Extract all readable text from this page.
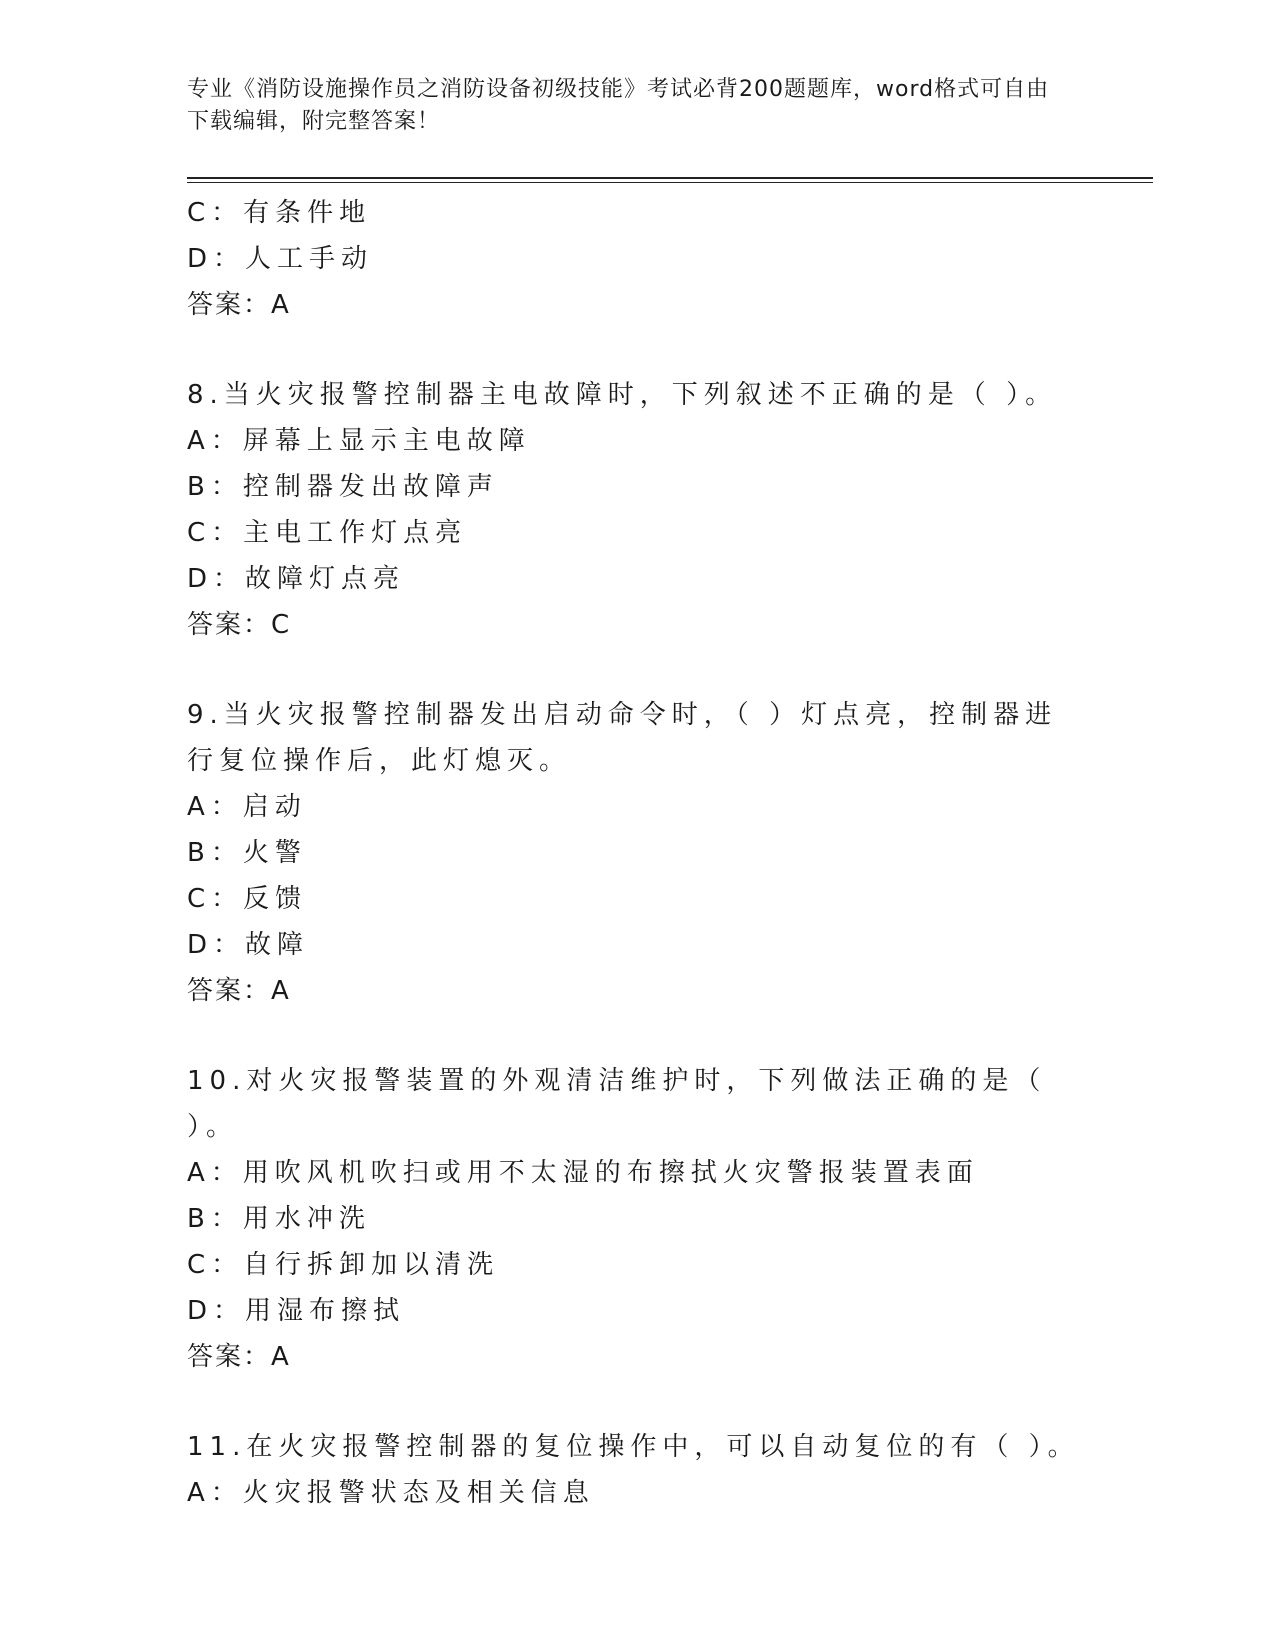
专业《消防设施操作员之消防设备初级技能》考试必背200题题库，word格式可自由下载编辑，附完整答案！
C：有条件地
D：人工手动
答案：A
8.当火灾报警控制器主电故障时，下列叙述不正确的是（ ）。
A：屏幕上显示主电故障
B：控制器发出故障声
C：主电工作灯点亮
D：故障灯点亮
答案：C
9.当火灾报警控制器发出启动命令时，（ ）灯点亮，控制器进行复位操作后，此灯熄灭。
A：启动
B：火警
C：反馈
D：故障
答案：A
10.对火灾报警装置的外观清洁维护时，下列做法正确的是（ ）。
A：用吹风机吹扫或用不太湿的布擦拭火灾警报装置表面
B：用水冲洗
C：自行拆卸加以清洗
D：用湿布擦拭
答案：A
11.在火灾报警控制器的复位操作中，可以自动复位的有（ ）。
A：火灾报警状态及相关信息
